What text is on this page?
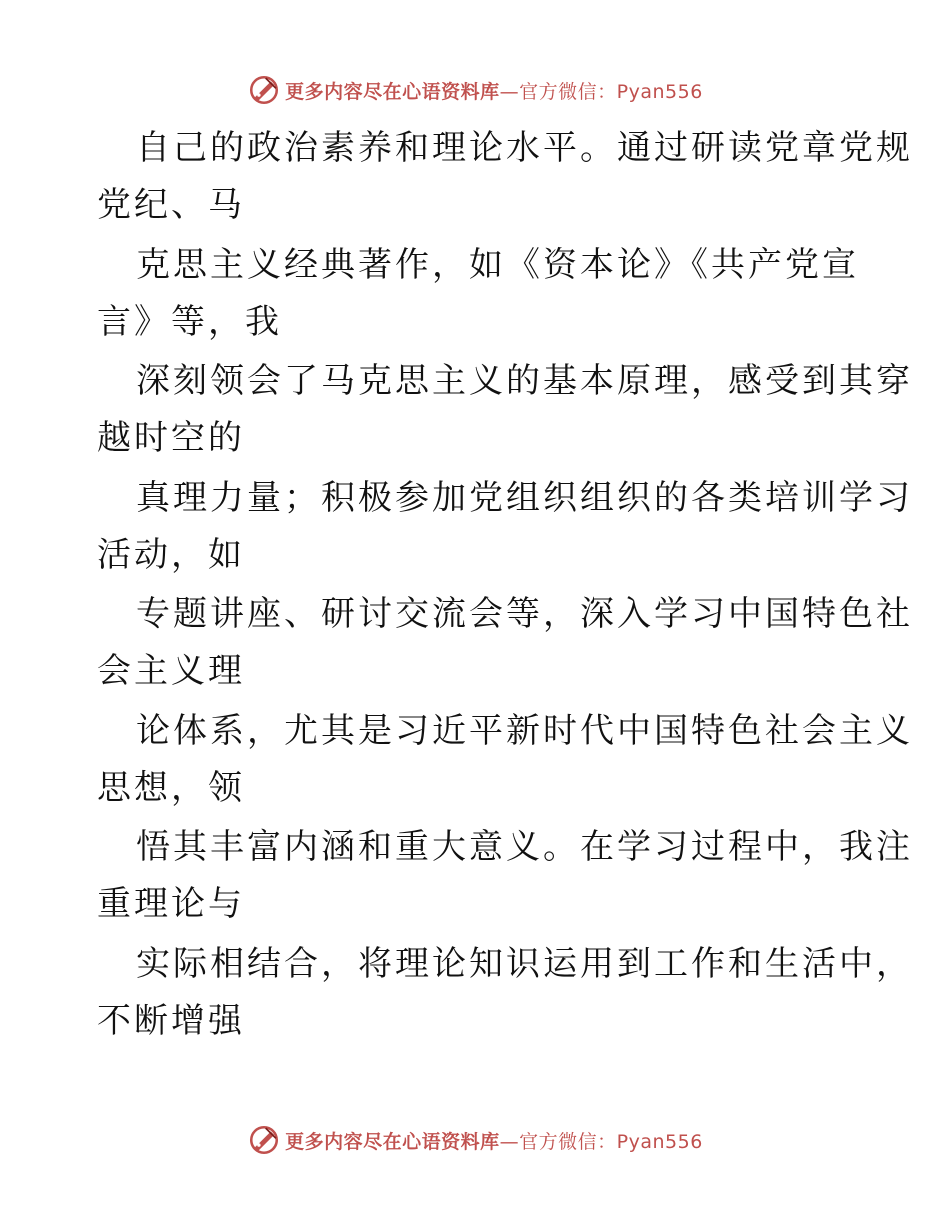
更多内容尽在心语资料库—官方微信：Pyan556
自己的政治素养和理论水平。通过研读党章党规
党纪、马
克思主义经典著作，如《资本论》《共产党宣
言》等，我
深刻领会了马克思主义的基本原理，感受到其穿
越时空的
真理力量；积极参加党组织组织的各类培训学习
活动，如
专题讲座、研讨交流会等，深入学习中国特色社
会主义理
论体系，尤其是习近平新时代中国特色社会主义
思想，领
悟其丰富内涵和重大意义。在学习过程中，我注
重理论与
实际相结合，将理论知识运用到工作和生活中，
不断增强
更多内容尽在心语资料库—官方微信：Pyan556
